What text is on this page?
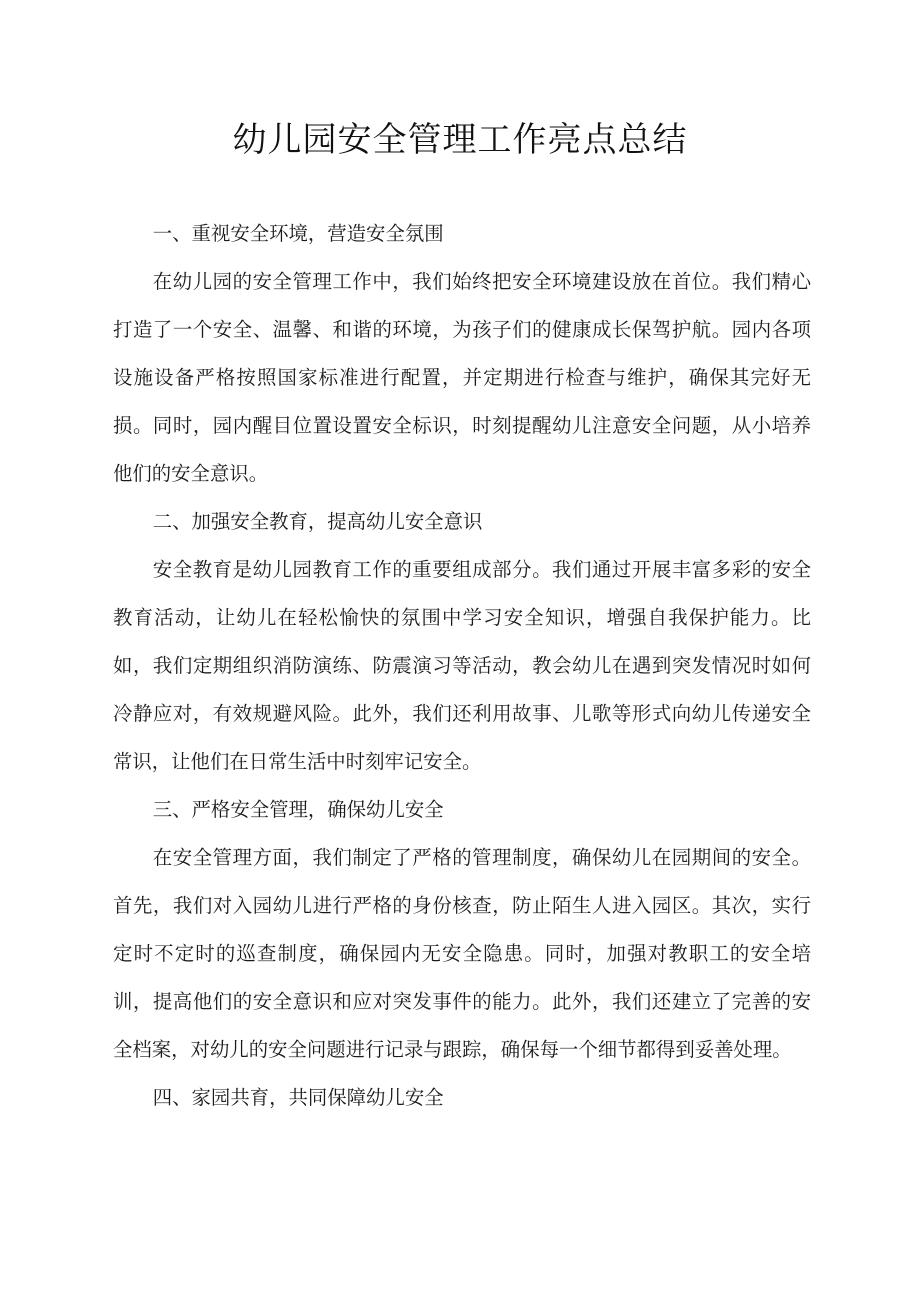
幼儿园安全管理工作亮点总结

一、重视安全环境，营造安全氛围

在幼儿园的安全管理工作中，我们始终把安全环境建设放在首位。我们精心打造了一个安全、温馨、和谐的环境，为孩子们的健康成长保驾护航。园内各项设施设备严格按照国家标准进行配置，并定期进行检查与维护，确保其完好无损。同时，园内醒目位置设置安全标识，时刻提醒幼儿注意安全问题，从小培养他们的安全意识。

二、加强安全教育，提高幼儿安全意识

安全教育是幼儿园教育工作的重要组成部分。我们通过开展丰富多彩的安全教育活动，让幼儿在轻松愉快的氛围中学习安全知识，增强自我保护能力。比如，我们定期组织消防演练、防震演习等活动，教会幼儿在遇到突发情况时如何冷静应对，有效规避风险。此外，我们还利用故事、儿歌等形式向幼儿传递安全常识，让他们在日常生活中时刻牢记安全。

三、严格安全管理，确保幼儿安全

在安全管理方面，我们制定了严格的管理制度，确保幼儿在园期间的安全。首先，我们对入园幼儿进行严格的身份核查，防止陌生人进入园区。其次，实行定时不定时的巡查制度，确保园内无安全隐患。同时，加强对教职工的安全培训，提高他们的安全意识和应对突发事件的能力。此外，我们还建立了完善的安全档案，对幼儿的安全问题进行记录与跟踪，确保每一个细节都得到妥善处理。

四、家园共育，共同保障幼儿安全
